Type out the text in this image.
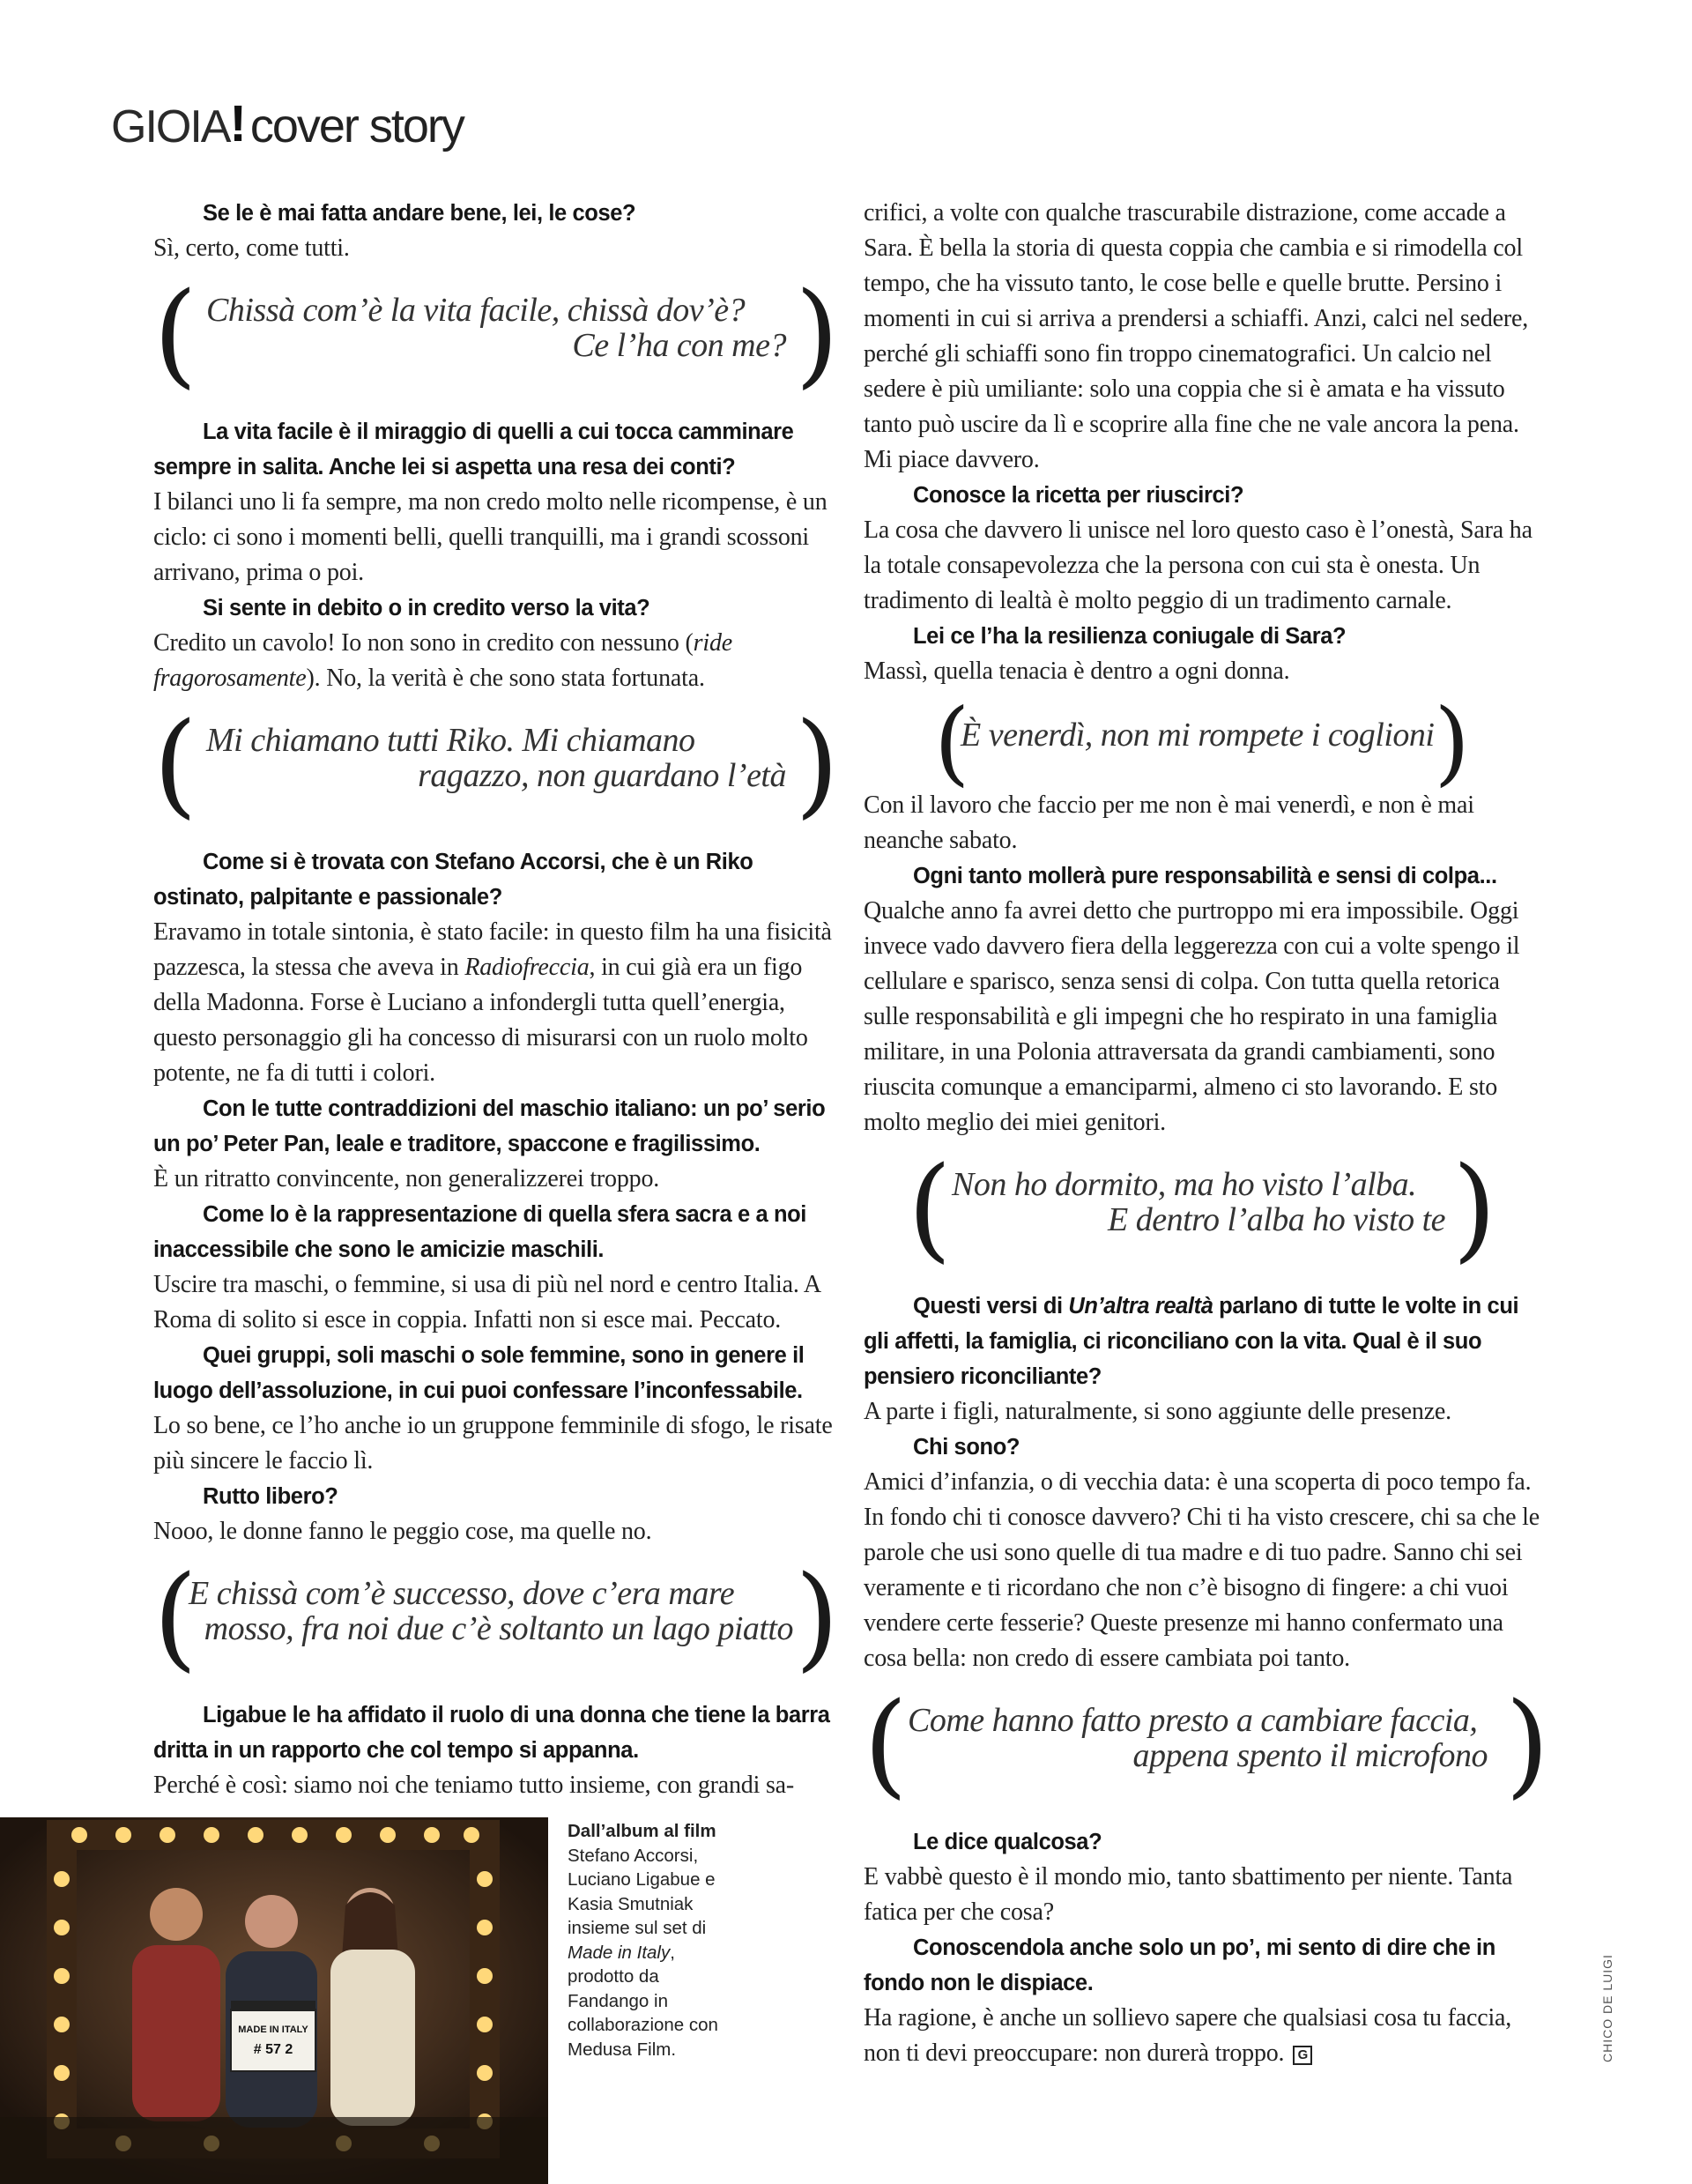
GIOIA ! cover story

Se le è mai fatta andare bene, lei, le cose?

Sì, certo, come tutti.

( Chissà com’è la vita facile, chissà dov’è?
Ce l’ha con me? )

La vita facile è il miraggio di quelli a cui tocca camminare sempre in salita. Anche lei si aspetta una resa dei conti?

I bilanci uno li fa sempre, ma non credo molto nelle ricompense, è un ciclo: ci sono i momenti belli, quelli tranquilli, ma i grandi scossoni arrivano, prima o poi.

Si sente in debito o in credito verso la vita?

Credito un cavolo! Io non sono in credito con nessuno (ride fragorosamente). No, la verità è che sono stata fortunata.

( Mi chiamano tutti Riko. Mi chiamano
ragazzo, non guardano l’età )

Come si è trovata con Stefano Accorsi, che è un Riko ostinato, palpitante e passionale?

Eravamo in totale sintonia, è stato facile: in questo film ha una fisicità pazzesca, la stessa che aveva in Radiofreccia, in cui già era un figo della Madonna. Forse è Luciano a infondergli tutta quell’energia, questo personaggio gli ha concesso di misurarsi con un ruolo molto potente, ne fa di tutti i colori.

Con le tutte contraddizioni del maschio italiano: un po’ serio un po’ Peter Pan, leale e traditore, spaccone e fragilissimo.

È un ritratto convincente, non generalizzerei troppo.

Come lo è la rappresentazione di quella sfera sacra e a noi inaccessibile che sono le amicizie maschili.

Uscire tra maschi, o femmine, si usa di più nel nord e centro Italia. A Roma di solito si esce in coppia. Infatti non si esce mai. Peccato.

Quei gruppi, soli maschi o sole femmine, sono in genere il luogo dell’assoluzione, in cui puoi confessare l’inconfessabile.

Lo so bene, ce l’ho anche io un gruppone femminile di sfogo, le risate più sincere le faccio lì.

Rutto libero?

Nooo, le donne fanno le peggio cose, ma quelle no.

(
E chissà com’è successo, dove c’era mare
mosso, fra noi due c’è soltanto un lago piatto )

Ligabue le ha affidato il ruolo di una donna che tiene la barra dritta in un rapporto che col tempo si appanna.

Perché è così: siamo noi che teniamo tutto insieme, con grandi sa-

crifici, a volte con qualche trascurabile distrazione, come accade a Sara. È bella la storia di questa coppia che cambia e si rimodella col tempo, che ha vissuto tanto, le cose belle e quelle brutte. Persino i momenti in cui si arriva a prendersi a schiaffi. Anzi, calci nel sedere, perché gli schiaffi sono fin troppo cinematografici. Un calcio nel sedere è più umiliante: solo una coppia che si è amata e ha vissuto tanto può uscire da lì e scoprire alla fine che ne vale ancora la pena. Mi piace davvero.

Conosce la ricetta per riuscirci?

La cosa che davvero li unisce nel loro questo caso è l’onestà, Sara ha la totale consapevolezza che la persona con cui sta è onesta. Un tradimento di lealtà è molto peggio di un tradimento carnale.

Lei ce l’ha la resilienza coniugale di Sara?

Massì, quella tenacia è dentro a ogni donna.

(
È venerdì, non mi rompete i coglioni )

Con il lavoro che faccio per me non è mai venerdì, e non è mai neanche sabato.

Ogni tanto mollerà pure responsabilità e sensi di colpa...

Qualche anno fa avrei detto che purtroppo mi era impossibile. Oggi invece vado davvero fiera della leggerezza con cui a volte spengo il cellulare e sparisco, senza sensi di colpa. Con tutta quella retorica sulle responsabilità e gli impegni che ho respirato in una famiglia militare, in una Polonia attraversata da grandi cambiamenti, sono riuscita comunque a emanciparmi, almeno ci sto lavorando. E sto molto meglio dei miei genitori.

( Non ho dormito, ma ho visto l’alba.
E dentro l’alba ho visto te )

Questi versi di Un’altra realtà parlano di tutte le volte in cui gli affetti, la famiglia, ci riconciliano con la vita. Qual è il suo pensiero riconciliante?

A parte i figli, naturalmente, si sono aggiunte delle presenze.

Chi sono?

Amici d’infanzia, o di vecchia data: è una scoperta di poco tempo fa. In fondo chi ti conosce davvero? Chi ti ha visto crescere, chi sa che le parole che usi sono quelle di tua madre e di tuo padre. Sanno chi sei veramente e ti ricordano che non c’è bisogno di fingere: a chi vuoi vendere certe fesserie? Queste presenze mi hanno confermato una cosa bella: non credo di essere cambiata poi tanto.

( Come hanno fatto presto a cambiare faccia,
appena spento il microfono )

Le dice qualcosa?

E vabbè questo è il mondo mio, tanto sbattimento per niente. Tanta fatica per che cosa?

Conoscendola anche solo un po’, mi sento di dire che in fondo non le dispiace.

Ha ragione, è anche un sollievo sapere che qualsiasi cosa tu faccia, non ti devi preoccupare: non durerà troppo. G

MADE IN ITALY
# 57 2
Dall’album al film
Stefano Accorsi, Luciano Ligabue e Kasia Smutniak insieme sul set di Made in Italy, prodotto da Fandango in collaborazione con Medusa Film.	CHICO DE LUIGI
